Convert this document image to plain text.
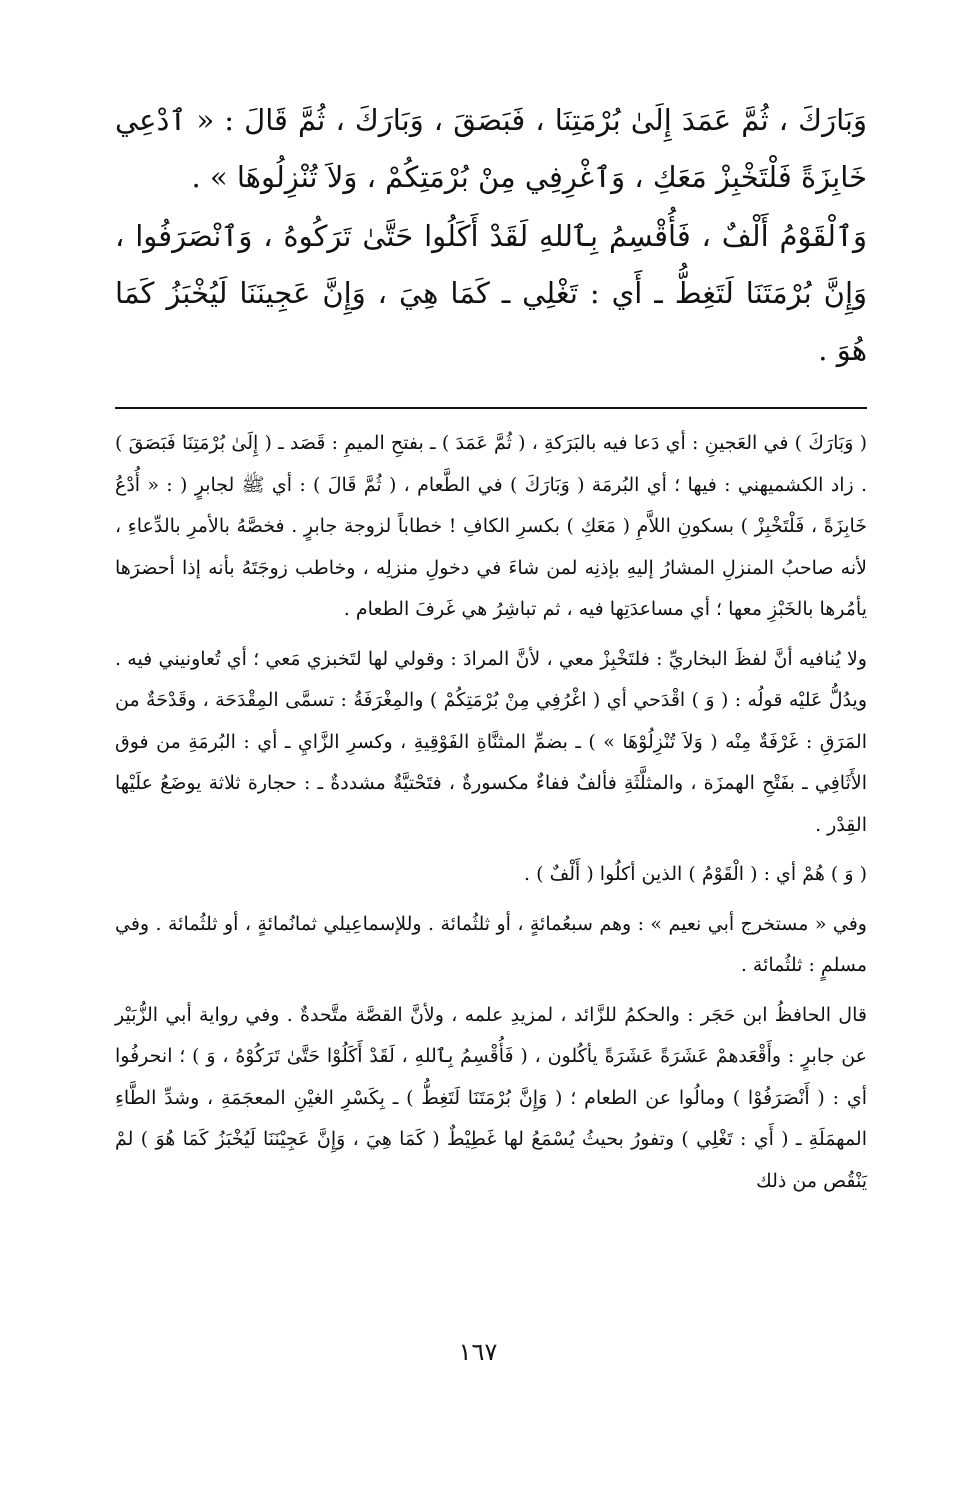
وَبَارَكَ ، ثُمَّ عَمَدَ إِلَىٰ بُرْمَتِنَا ، فَبَصَقَ ، وَبَارَكَ ، ثُمَّ قَالَ : « ٱدْعِي خَابِزَةً فَلْتَخْبِزْ مَعَكِ ، وَٱغْرِفِي مِنْ بُرْمَتِكُمْ ، وَلاَ تُنْزِلُوهَا » .

وَٱلْقَوْمُ أَلْفٌ ، فَأُقْسِمُ بِٱللهِ لَقَدْ أَكَلُوا حَتَّىٰ تَرَكُوهُ ، وَٱنْصَرَفُوا ، وَإِنَّ بُرْمَتَنَا لَتَغِطُّ ـ أَي : تَغْلِي ـ كَمَا هِيَ ، وَإِنَّ عَجِينَنَا لَيُخْبَزُ كَمَا هُوَ .

( وَبَارَكَ ) في العَجينِ : أي دَعا فيه بالبَرَكةِ ، ( ثُمَّ عَمَدَ ) ـ بفتحِ الميمِ : قَصَد ـ ( إِلَىٰ بُرْمَتِنَا فَبَصَقَ ) . زاد الكشميهني : فيها ؛ أي البُرمَة ( وَبَارَكَ ) في الطَّعام ، ( ثُمَّ قَالَ ) : أي ﷺ لجابرٍ ( : « أُدْعُ خَابِزَةً ، فَلْتَخْبِزْ ) بسكونِ اللاَّمِ ( مَعَكِ ) بكسرِ الكافِ ! خطاباً لزوجة جابرٍ . فخصَّهُ بالأمرِ بالدِّعاءِ ، لأنه صاحبُ المنزلِ المشارُ إليهِ بإذنِه لمن شاءَ في دخولِ منزلِه ، وخاطب زوجَتَهُ بأنه إذا أحضرَها يأمُرها بالخَبْزِ معها ؛ أي مساعدَتِها فيه ، ثم تباشِرُ هي غَرفَ الطعام .

ولا يُنافيه أنَّ لفظَ البخاريِّ : فلتَخْبِزْ معي ، لأنَّ المرادَ : وقولي لها لتَخبزي مَعي ؛ أي تُعاونيني فيه . ويدُلُّ عَليْه قولُه : ( وَ ) اقْدَحي أي ( اغْرُفِي مِنْ بُرْمَتِكُمْ ) والمِغْرَفَةُ : تسمَّى المِقْدَحَة ، وقَدْحَةٌ من المَرَقِ : غَرْفَةٌ مِنْه ( وَلاَ تُنْزِلُوْهَا » ) ـ بضمِّ المثنَّاةِ الفَوْقِيةِ ، وكسرِ الزَّايِ ـ أي : البُرمَةِ من فوق الأَثَافِي ـ بفَتْحِ الهمزَة ، والمثلَّثَةِ فألفٌ ففاءٌ مكسورةٌ ، فتَحْتيَّةٌ مشددةٌ ـ : حجارة ثلاثة يوضَعُ علَيْها القِدْر .

( وَ ) هُمْ أي : ( الْقَوْمُ ) الذين أكلُوا ( أَلْفٌ ) .

وفي « مستخرج أبي نعيم » : وهم سبعُمائةٍ ، أو ثلثُمائة . وللإسماعِيلي ثمانُمائةٍ ، أو ثلثُمائة . وفي مسلمٍ : ثلثُمائة .

قال الحافظُ ابن حَجَر : والحكمُ للزَّائد ، لمزيدِ علمه ، ولأنَّ القصَّة متَّحدةٌ . وفي رواية أبي الزُّبَيْر عن جابرٍ : وأَقْعَدهمْ عَشَرَةً عَشَرَةً يأكُلون ، ( فَأُقْسِمُ بِٱللهِ ، لَقَدْ أَكَلُوْا حَتَّىٰ تَرَكُوْهُ ، وَ ) ؛ انحرفُوا أي : ( أَنْصَرَفُوْا ) ومالُوا عن الطعام ؛ ( وَإِنَّ بُرْمَتَنَا لَتَغِطُّ ) ـ بِكَسْرِ الغيْنِ المعجَمَةِ ، وشدِّ الطَّاءِ المهمَلَةِ ـ ( أَي : تَغْلِي ) وتفورُ بحيثُ يُسْمَعُ لها غَطِيْطٌ ( كَمَا هِيَ ، وَإِنَّ عَجِيْنَنَا لَيُخْبَزُ كَمَا هُوَ ) لمْ يَنْقُص من ذلك

١٦٧
